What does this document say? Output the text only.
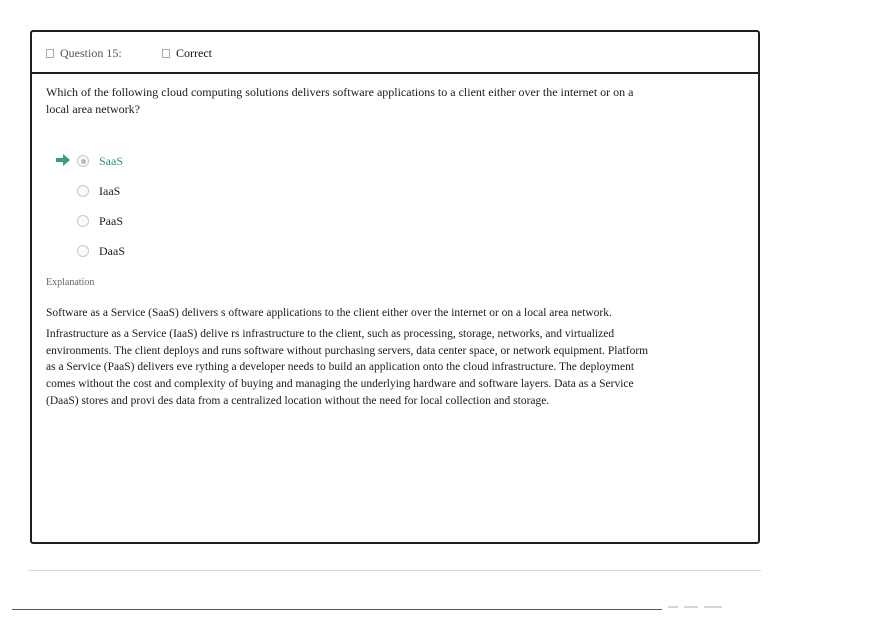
Question 15:	Correct
Which of the following cloud computing solutions delivers software applications to a client either over the internet or on a local area network?
SaaS
IaaS
PaaS
DaaS
Explanation

Software as a Service (SaaS) delivers s oftware applications to the client either over the internet or on a local area network.

Infrastructure as a Service (IaaS) delive rs infrastructure to the client, such as processing, storage, networks, and virtualized environments. The client deploys and runs software without purchasing servers, data center space, or network equipment. Platform as a Service (PaaS) delivers eve rything a developer needs to build an application onto the cloud infrastructure. The deployment comes without the cost and complexity of buying and managing the underlying hardware and software layers. Data as a Service (DaaS) stores and provi des data from a centralized location without the need for local collection and storage.
